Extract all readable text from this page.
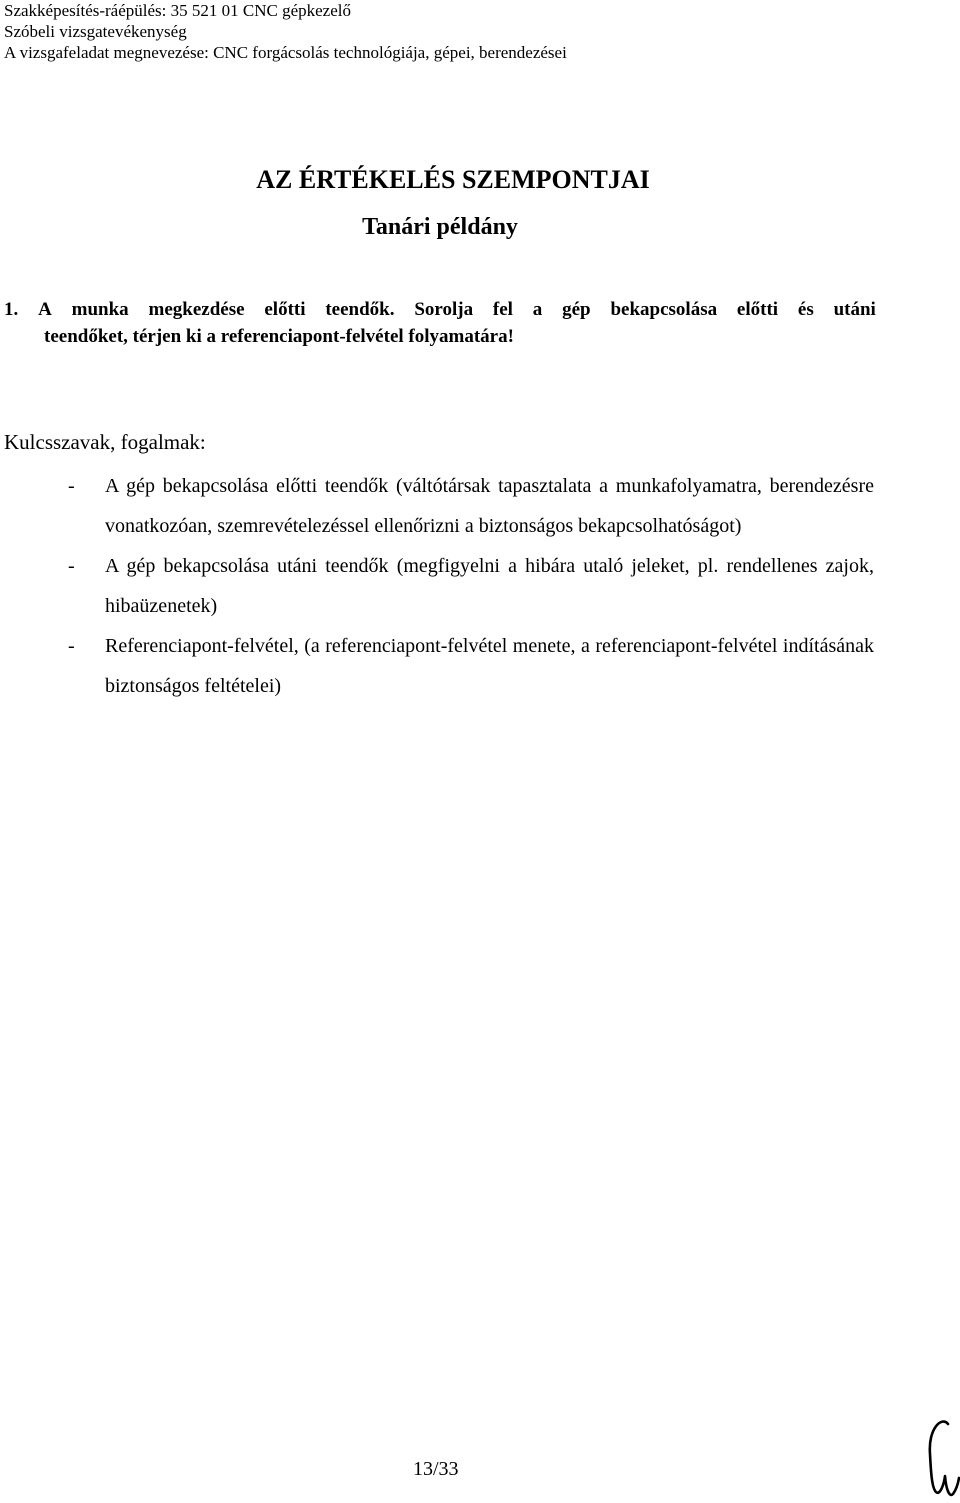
Szakképesítés-ráépülés: 35 521 01 CNC gépkezelő
Szóbeli vizsgatevékenység
A vizsgafeladat megnevezése: CNC forgácsolás technológiája, gépei, berendezései
AZ ÉRTÉKELÉS SZEMPONTJAI
Tanári példány
1. A munka megkezdése előtti teendők. Sorolja fel a gép bekapcsolása előtti és utáni
teendőket, térjen ki a referenciapont-felvétel folyamatára!
Kulcsszavak, fogalmak:
- A gép bekapcsolása előtti teendők (váltótársak tapasztalata a munkafolyamatra, berendezésre vonatkozóan, szemrevételezéssel ellenőrizni a biztonságos bekapcsolhatóságot)
- A gép bekapcsolása utáni teendők (megfigyelni a hibára utaló jeleket, pl. rendellenes zajok, hibaüzenetek)
- Referenciapont-felvétel, (a referenciapont-felvétel menete, a referenciapont-felvétel indításának biztonságos feltételei)
13/33
